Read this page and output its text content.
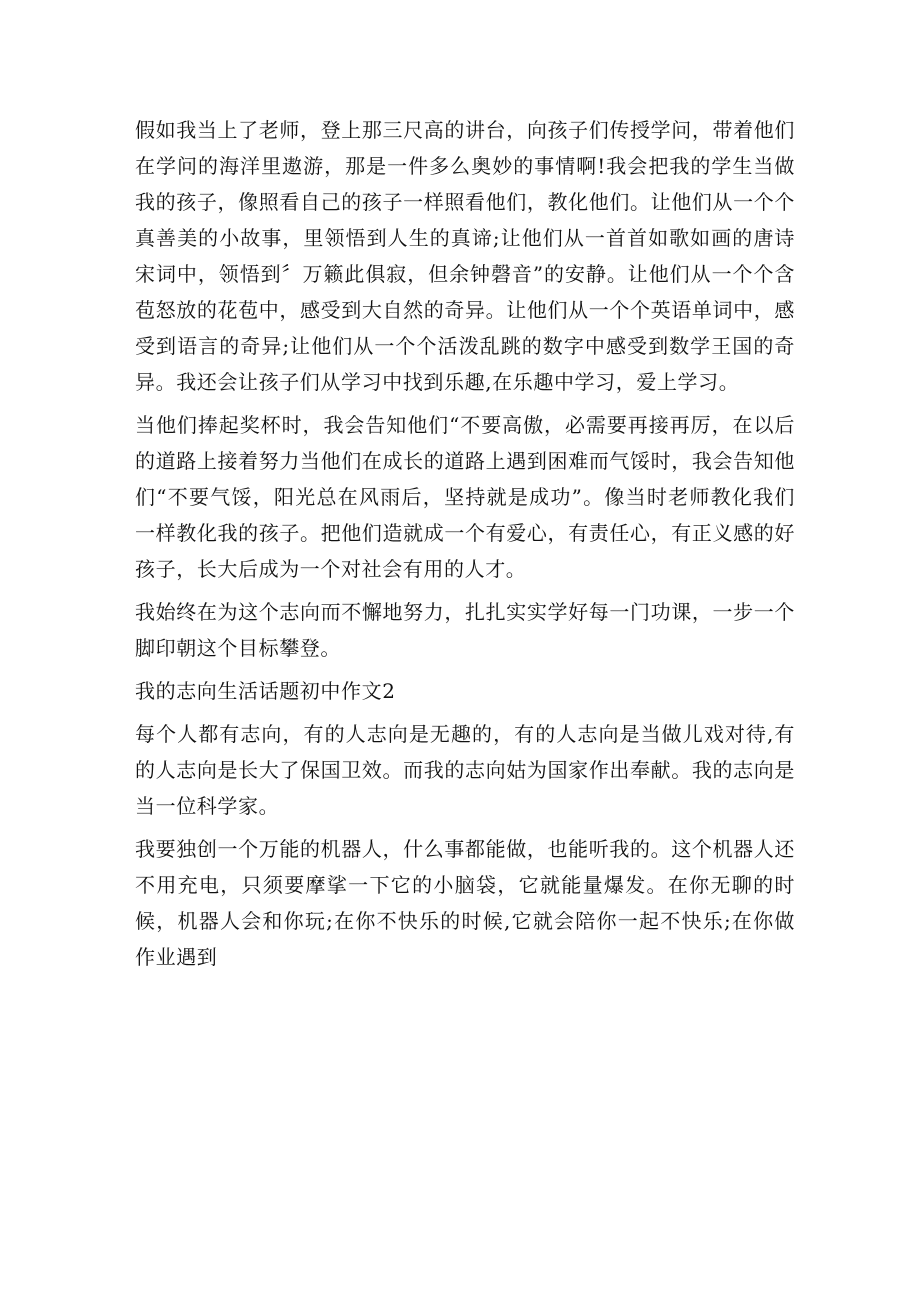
假如我当上了老师，登上那三尺高的讲台，向孩子们传授学问，带着他们在学问的海洋里遨游，那是一件多么奥妙的事情啊!我会把我的学生当做我的孩子，像照看自己的孩子一样照看他们，教化他们。让他们从一个个真善美的小故事，里领悟到人生的真谛;让他们从一首首如歌如画的唐诗宋词中，领悟到〞万籁此俱寂，但余钟磬音”的安静。让他们从一个个含苞怒放的花苞中，感受到大自然的奇异。让他们从一个个英语单词中，感受到语言的奇异;让他们从一个个活泼乱跳的数字中感受到数学王国的奇异。我还会让孩子们从学习中找到乐趣,在乐趣中学习，爱上学习。

当他们捧起奖杯时，我会告知他们“不要高傲，必需要再接再厉，在以后的道路上接着努力当他们在成长的道路上遇到困难而气馁时，我会告知他们“不要气馁，阳光总在风雨后，坚持就是成功”。像当时老师教化我们一样教化我的孩子。把他们造就成一个有爱心，有责任心，有正义感的好孩子，长大后成为一个对社会有用的人才。

我始终在为这个志向而不懈地努力，扎扎实实学好每一门功课，一步一个脚印朝这个目标攀登。

我的志向生活话题初中作文2

每个人都有志向，有的人志向是无趣的，有的人志向是当做儿戏对待,有的人志向是长大了保国卫效。而我的志向姑为国家作出奉献。我的志向是当一位科学家。

我要独创一个万能的机器人，什么事都能做，也能听我的。这个机器人还不用充电，只须要摩挲一下它的小脑袋，它就能量爆发。在你无聊的时候，机器人会和你玩;在你不快乐的时候,它就会陪你一起不快乐;在你做作业遇到
